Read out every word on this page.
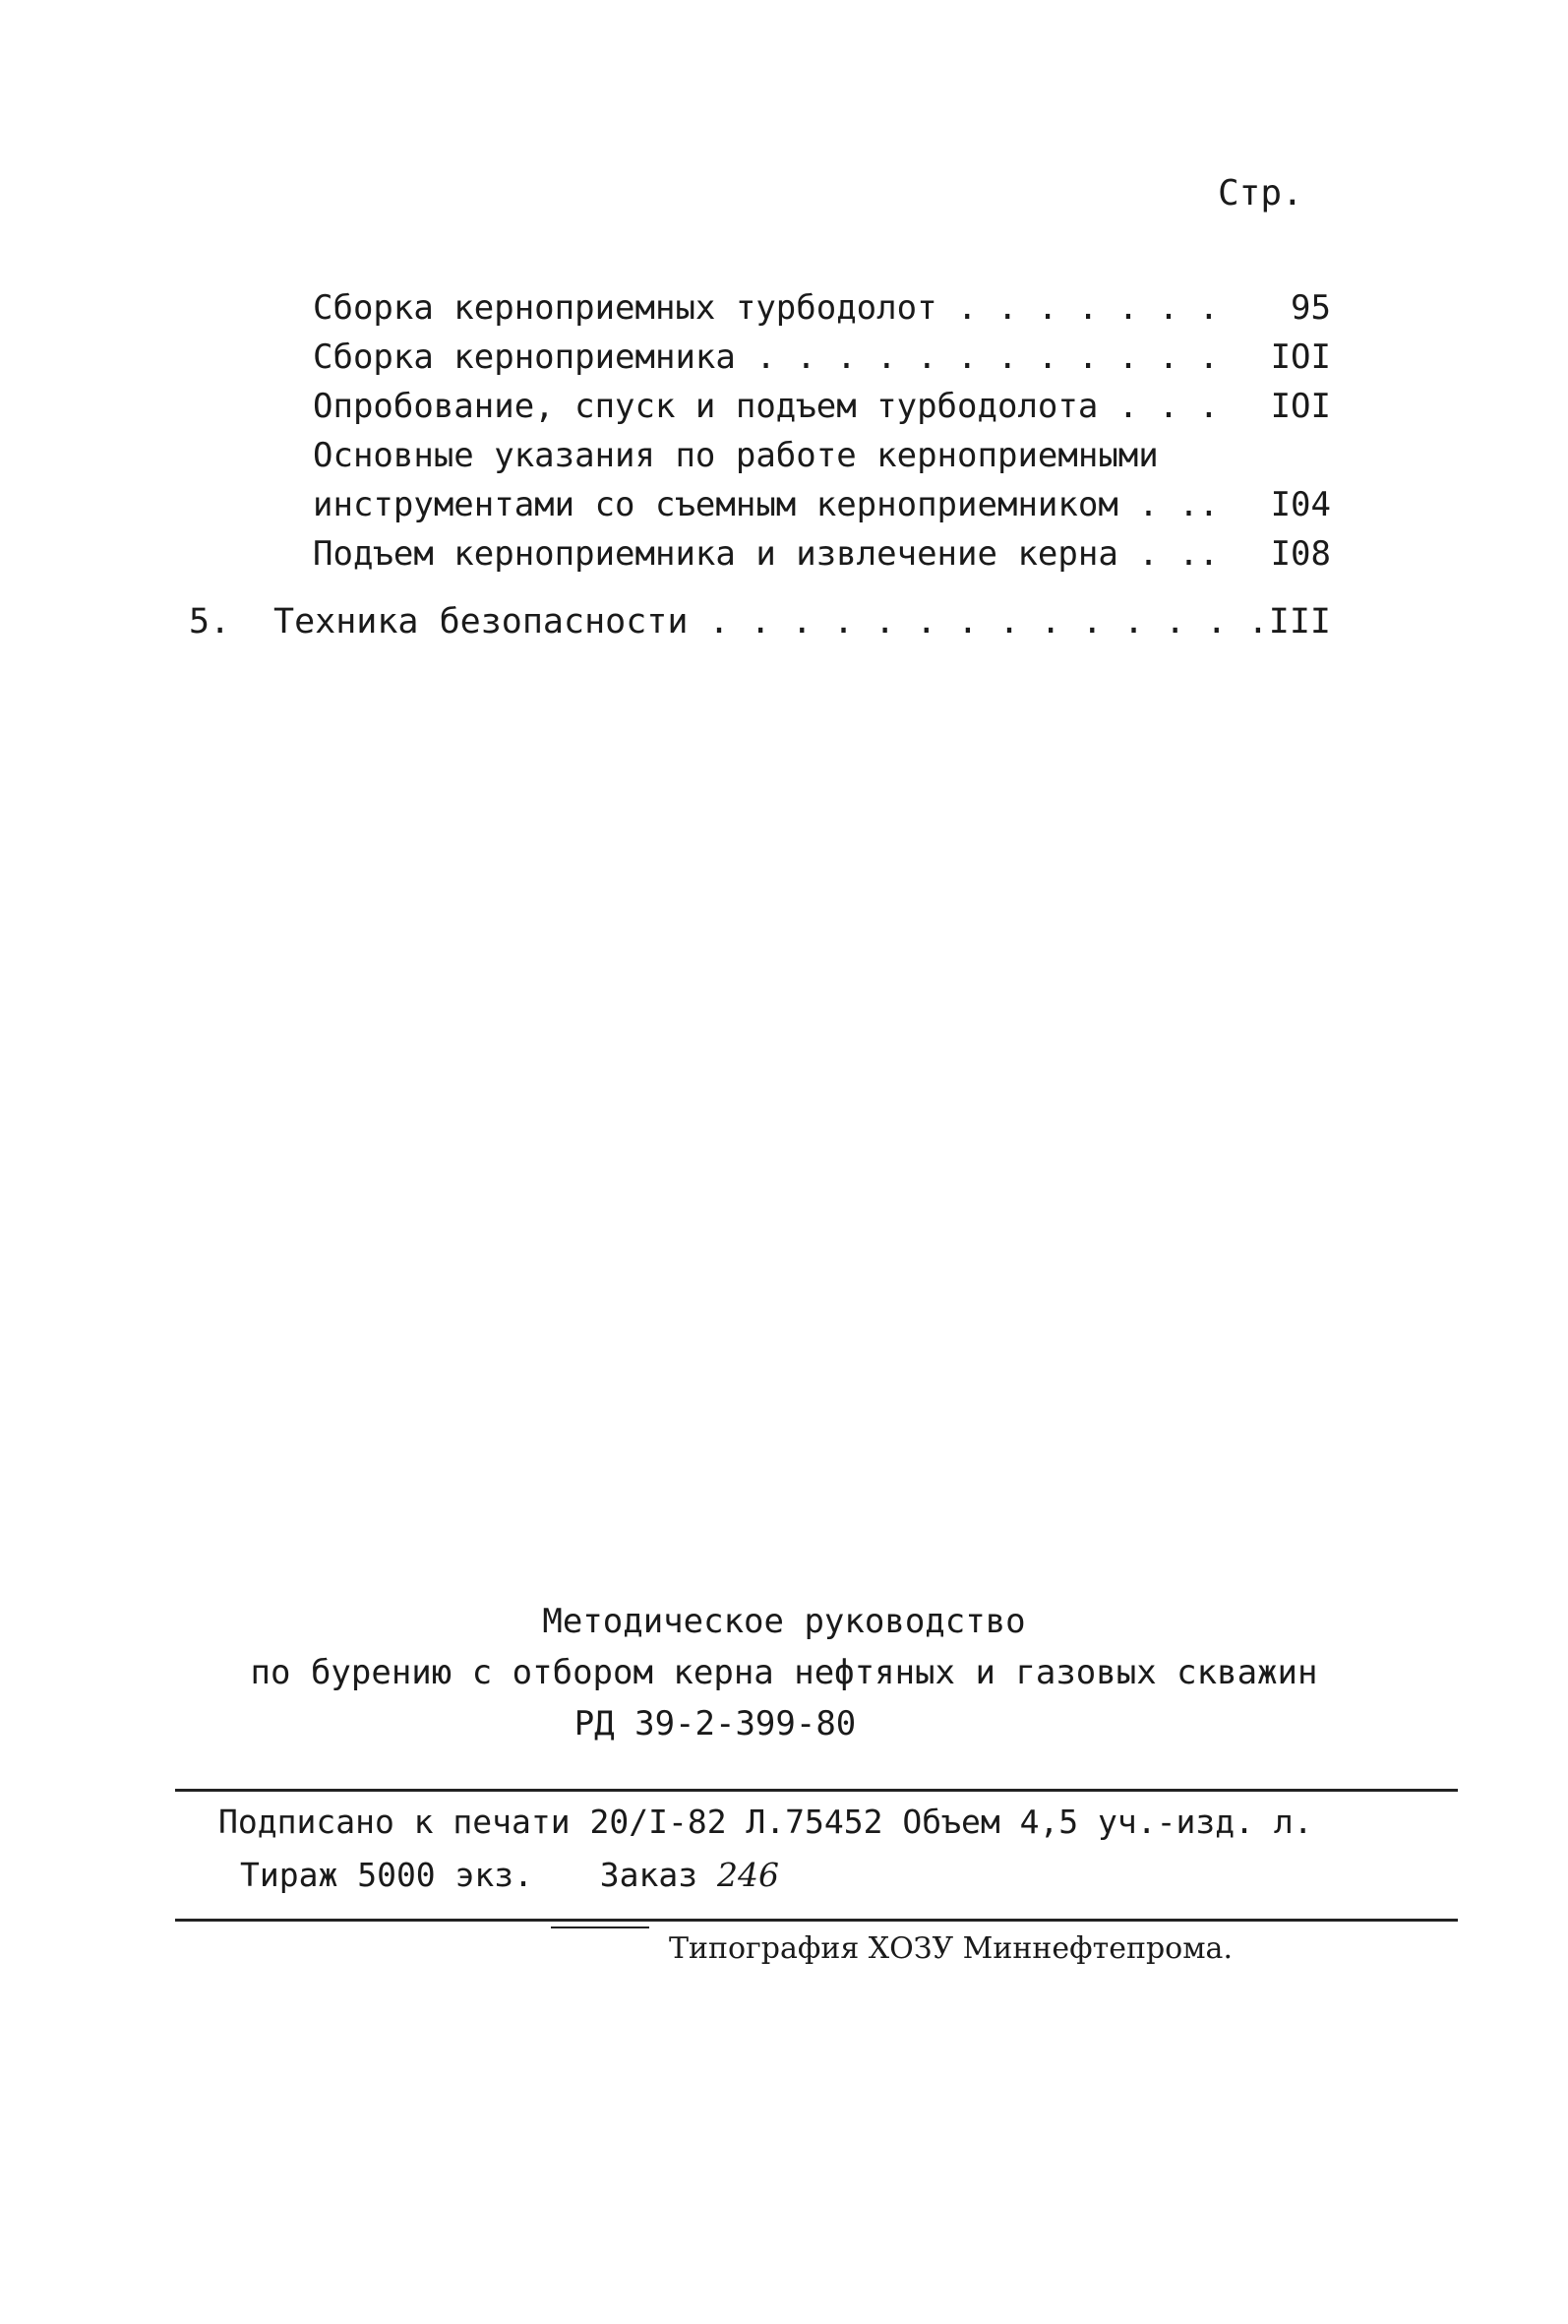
Стр.
Сборка керноприемных турбодолот . . . . . . . 95
Сборка керноприемника . . . . . . . . . . . . IOI
Опробование, спуск и подъем турбодолота . . . IOI
Основные указания по работе керноприемными
инструментами со съемным керноприемником . .. I04
Подъем керноприемника и извлечение керна . .. I08
5. Техника безопасности . . . . . . . . . . . . . . III
Методическое руководство
по бурению с отбором керна нефтяных и газовых скважин
РД 39-2-399-80
Подписано к печати 20/I-82 Л.75452 Объем 4,5 уч.-изд. л.
Тираж 5000 экз. Заказ 246
Типография ХОЗУ Миннефтепрома.
